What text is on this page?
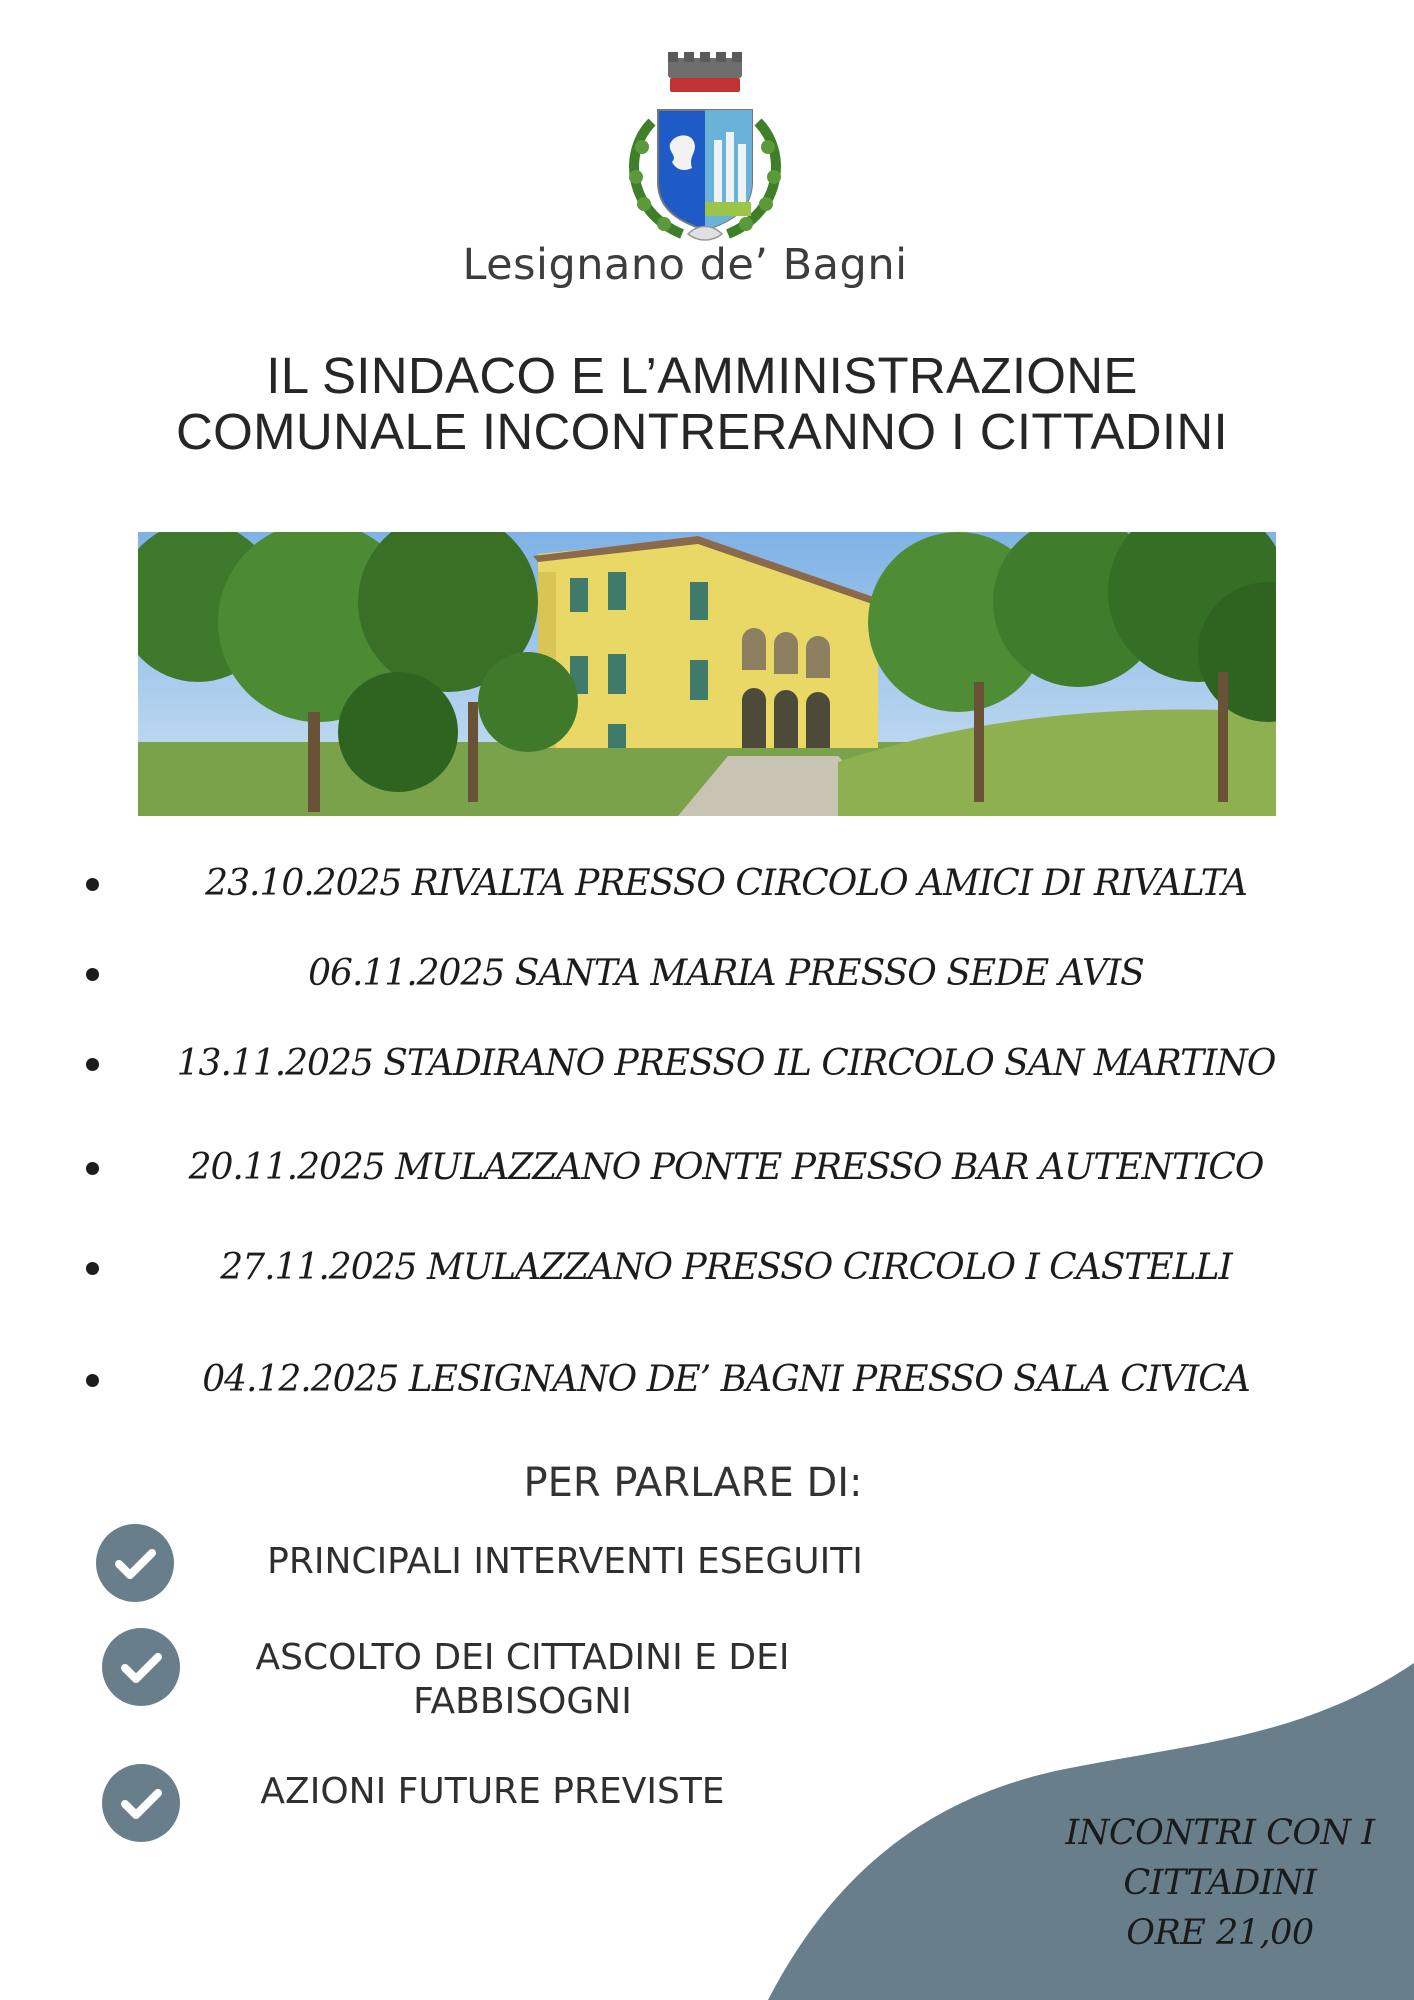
Lesignano de’ Bagni
IL SINDACO E L’AMMINISTRAZIONE
COMUNALE INCONTRERANNO I CITTADINI
23.10.2025 RIVALTA PRESSO CIRCOLO AMICI DI RIVALTA
06.11.2025 SANTA MARIA PRESSO SEDE AVIS
13.11.2025 STADIRANO PRESSO IL CIRCOLO SAN MARTINO
20.11.2025 MULAZZANO PONTE PRESSO BAR AUTENTICO
27.11.2025 MULAZZANO PRESSO CIRCOLO I CASTELLI
04.12.2025 LESIGNANO DE’ BAGNI PRESSO SALA CIVICA
PER PARLARE DI:
PRINCIPALI INTERVENTI ESEGUITI
ASCOLTO DEI CITTADINI E DEI
FABBISOGNI
AZIONI FUTURE PREVISTE
INCONTRI CON I
CITTADINI
ORE 21,00
